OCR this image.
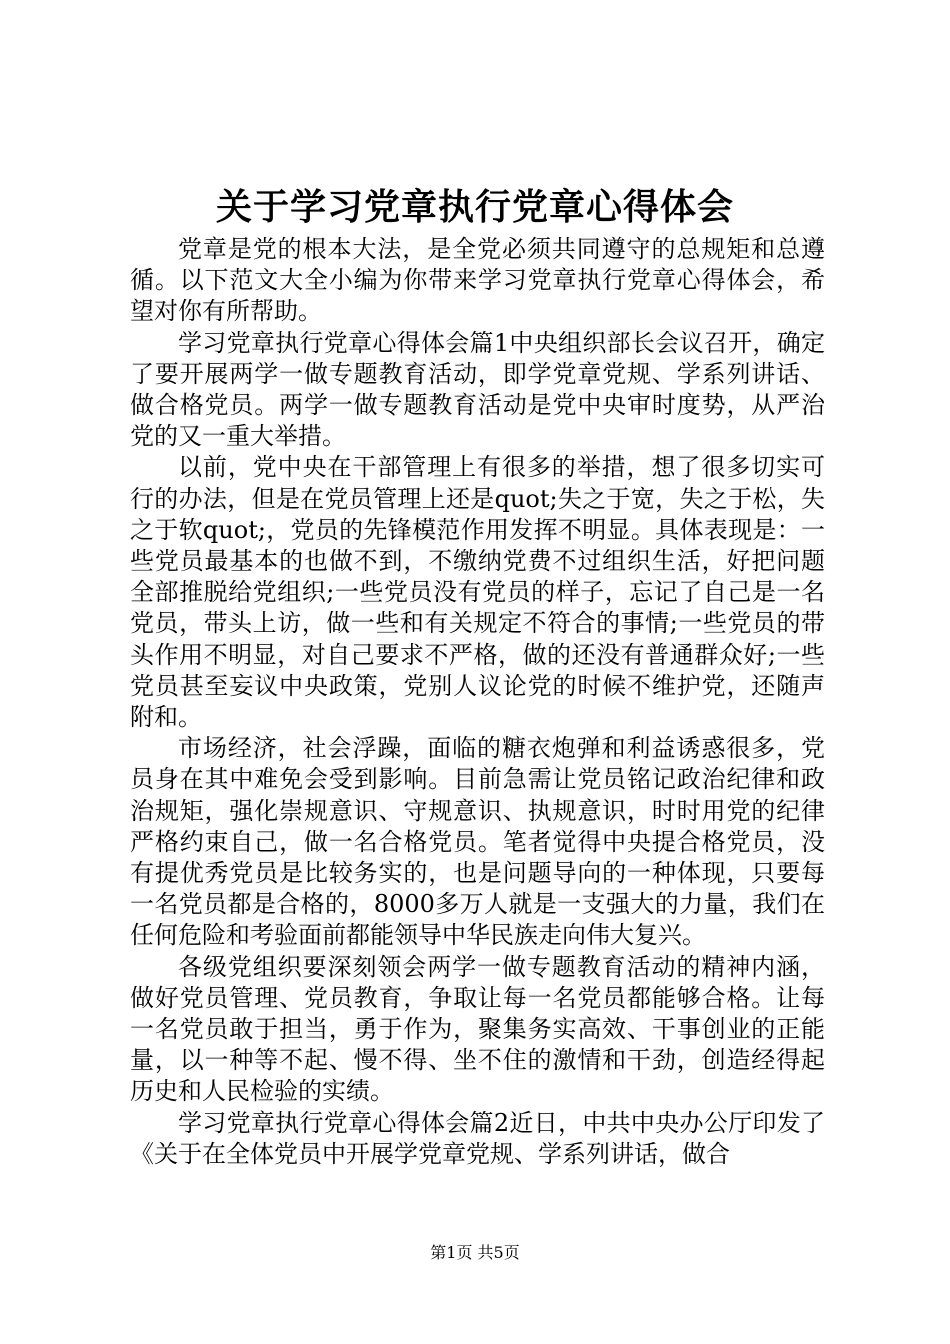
关于学习党章执行党章心得体会

党章是党的根本大法，是全党必须共同遵守的总规矩和总遵循。以下范文大全小编为你带来学习党章执行党章心得体会，希望对你有所帮助。

学习党章执行党章心得体会篇1中央组织部长会议召开，确定了要开展两学一做专题教育活动，即学党章党规、学系列讲话、做合格党员。两学一做专题教育活动是党中央审时度势，从严治党的又一重大举措。

以前，党中央在干部管理上有很多的举措，想了很多切实可行的办法，但是在党员管理上还是quot;失之于宽，失之于松，失之于软quot;，党员的先锋模范作用发挥不明显。具体表现是：一些党员最基本的也做不到，不缴纳党费不过组织生活，好把问题全部推脱给党组织;一些党员没有党员的样子，忘记了自己是一名党员，带头上访，做一些和有关规定不符合的事情;一些党员的带头作用不明显，对自己要求不严格，做的还没有普通群众好;一些党员甚至妄议中央政策，党别人议论党的时候不维护党，还随声附和。

市场经济，社会浮躁，面临的糖衣炮弹和利益诱惑很多，党员身在其中难免会受到影响。目前急需让党员铭记政治纪律和政治规矩，强化崇规意识、守规意识、执规意识，时时用党的纪律严格约束自己，做一名合格党员。笔者觉得中央提合格党员，没有提优秀党员是比较务实的，也是问题导向的一种体现，只要每一名党员都是合格的，8000多万人就是一支强大的力量，我们在任何危险和考验面前都能领导中华民族走向伟大复兴。

各级党组织要深刻领会两学一做专题教育活动的精神内涵，做好党员管理、党员教育，争取让每一名党员都能够合格。让每一名党员敢于担当，勇于作为，聚集务实高效、干事创业的正能量，以一种等不起、慢不得、坐不住的激情和干劲，创造经得起历史和人民检验的实绩。

学习党章执行党章心得体会篇2近日，中共中央办公厅印发了《关于在全体党员中开展学党章党规、学系列讲话，做合

第1页 共5页
